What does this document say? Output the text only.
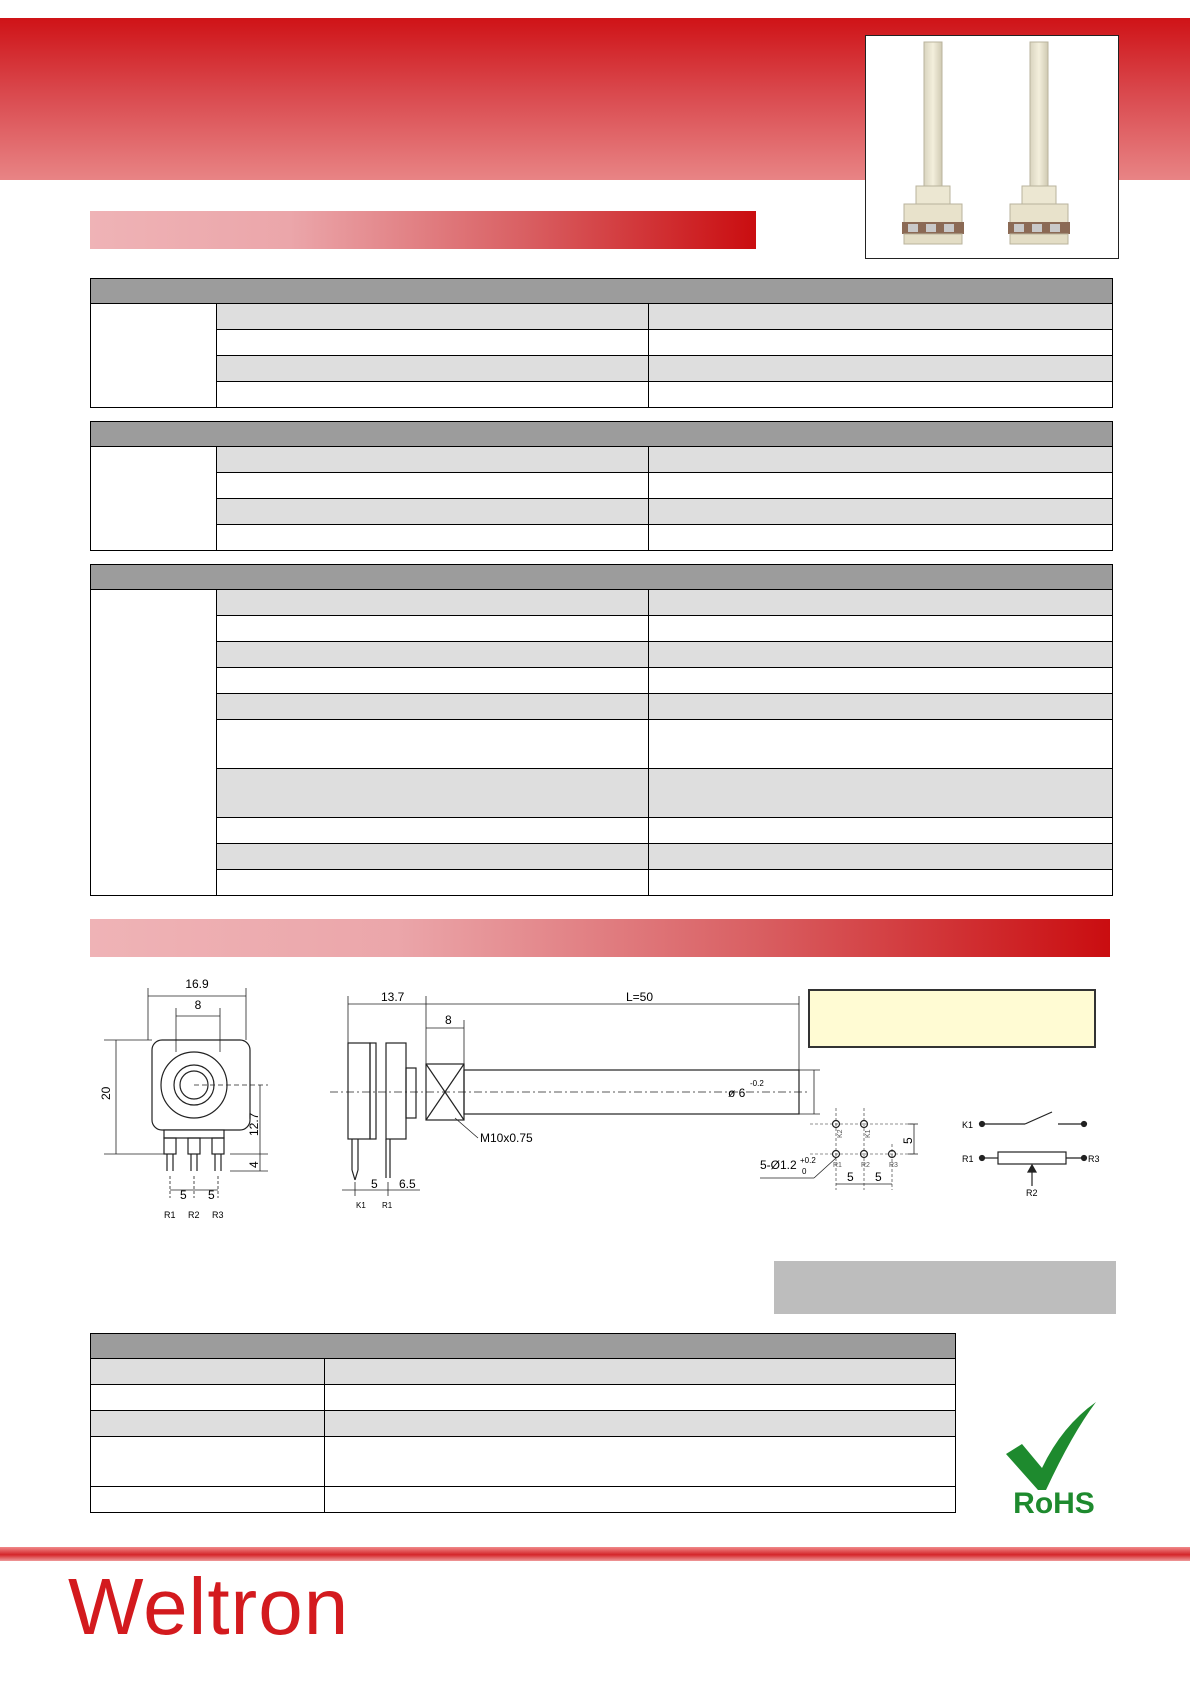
16.9
8
20
12.7
4
5 5
R1 R2 R3
13.7	L=50
8
ø 6
-0.2
M10x0.75
5 6.5
K1 R1
5-Ø1.2 +0.2
0	5 5
5
K2	K1
R1	R2	R3
K1
R1	R3
R2

RoHS
Weltron
